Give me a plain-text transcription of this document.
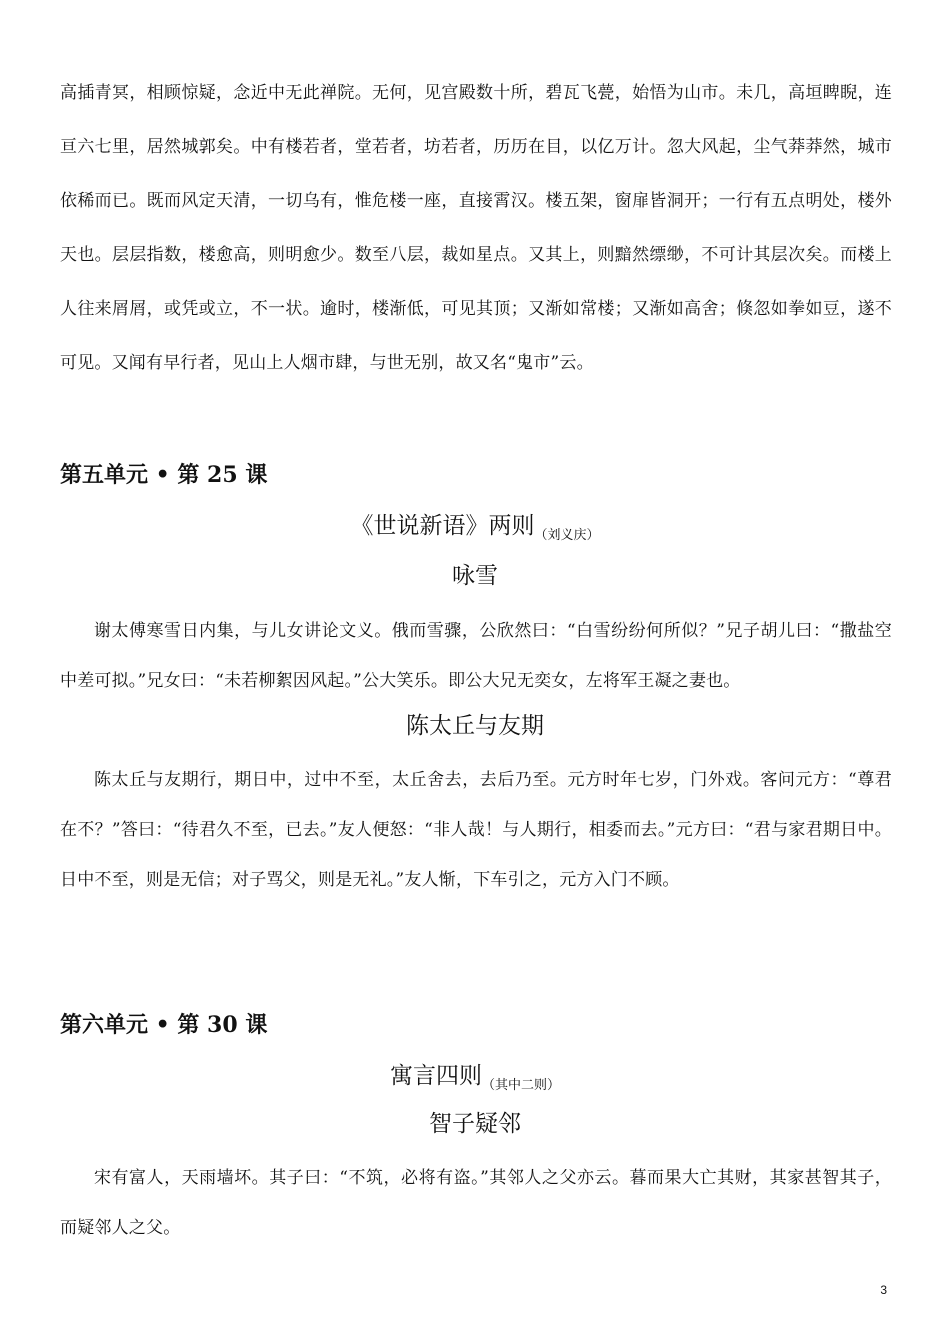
高插青冥，相顾惊疑，念近中无此禅院。无何，见宫殿数十所，碧瓦飞甍，始悟为山市。未几，高垣睥睨，连亘六七里，居然城郭矣。中有楼若者，堂若者，坊若者，历历在目，以亿万计。忽大风起，尘气莽莽然，城市依稀而已。既而风定天清，一切乌有，惟危楼一座，直接霄汉。楼五架，窗扉皆洞开；一行有五点明处，楼外天也。层层指数，楼愈高，则明愈少。数至八层，裁如星点。又其上，则黯然缥缈，不可计其层次矣。而楼上人往来屑屑，或凭或立，不一状。逾时，楼渐低，可见其顶；又渐如常楼；又渐如高舍；倏忽如拳如豆，遂不可见。又闻有早行者，见山上人烟市肆，与世无别，故又名“鬼市”云。

第五单元 • 第 25 课
《世说新语》两则$_{(刘义庆)}$
咏雪

谢太傅寒雪日内集，与儿女讲论文义。俄而雪骤，公欣然曰：“白雪纷纷何所似？”兄子胡儿曰：“撒盐空中差可拟。”兄女曰：“未若柳絮因风起。”公大笑乐。即公大兄无奕女，左将军王凝之妻也。

陈太丘与友期

陈太丘与友期行，期日中，过中不至，太丘舍去，去后乃至。元方时年七岁，门外戏。客问元方：“尊君在不？”答曰：“待君久不至，已去。”友人便怒：“非人哉！与人期行，相委而去。”元方曰：“君与家君期日中。日中不至，则是无信；对子骂父，则是无礼。”友人惭，下车引之，元方入门不顾。

第六单元 • 第 30 课
寓言四则$_{(其中二则)}$
智子疑邻

宋有富人，天雨墙坏。其子曰：“不筑，必将有盗。”其邻人之父亦云。暮而果大亡其财，其家甚智其子，而疑邻人之父。

3
